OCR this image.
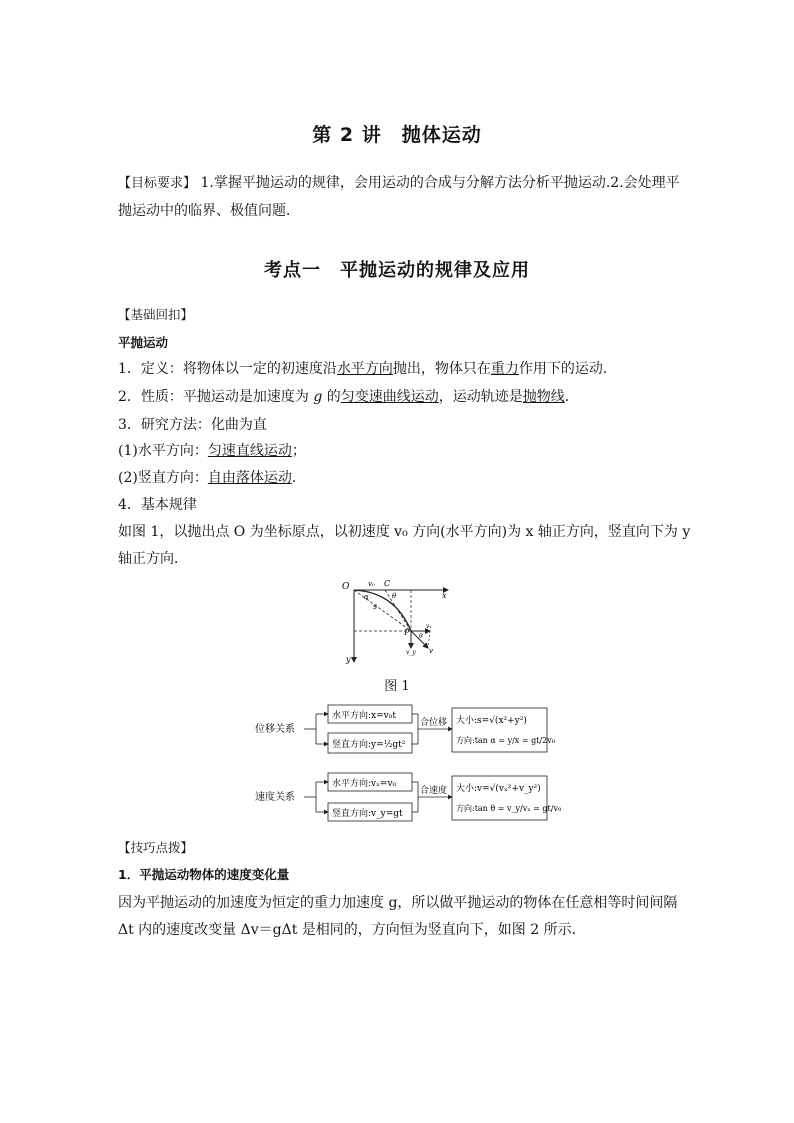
第 2 讲　抛体运动
【目标要求】 1.掌握平抛运动的规律，会用运动的合成与分解方法分析平抛运动.2.会处理平
抛运动中的临界、极值问题．
考点一　平抛运动的规律及应用
【基础回扣】
平抛运动
1．定义：将物体以一定的初速度沿水平方向抛出，物体只在重力作用下的运动．
2．性质：平抛运动是加速度为 g 的匀变速曲线运动，运动轨迹是抛物线．
3．研究方法：化曲为直
(1)水平方向：匀速直线运动；
(2)竖直方向：自由落体运动．
4．基本规律
如图 1，以抛出点 O 为坐标原点，以初速度 v₀ 方向(水平方向)为 x 轴正方向，竖直向下为 y
轴正方向．
O	v₀ C
θ	x
α
s
P
vₓ
θ
v_y v
y
图 1
位移关系
水平方向:x=v₀t
竖直方向:y=½gt²
合位移 大小:s=√(x²+y²)
方向:tan α = y/x = gt/2v₀
速度关系
水平方向:vₓ=v₀
竖直方向:v_y=gt
合速度 大小:v=√(vₓ²+v_y²)
方向:tan θ = v_y/vₓ = gt/v₀
【技巧点拨】
1．平抛运动物体的速度变化量
因为平抛运动的加速度为恒定的重力加速度 g，所以做平抛运动的物体在任意相等时间间隔
Δt 内的速度改变量 Δv＝gΔt 是相同的，方向恒为竖直向下，如图 2 所示．
